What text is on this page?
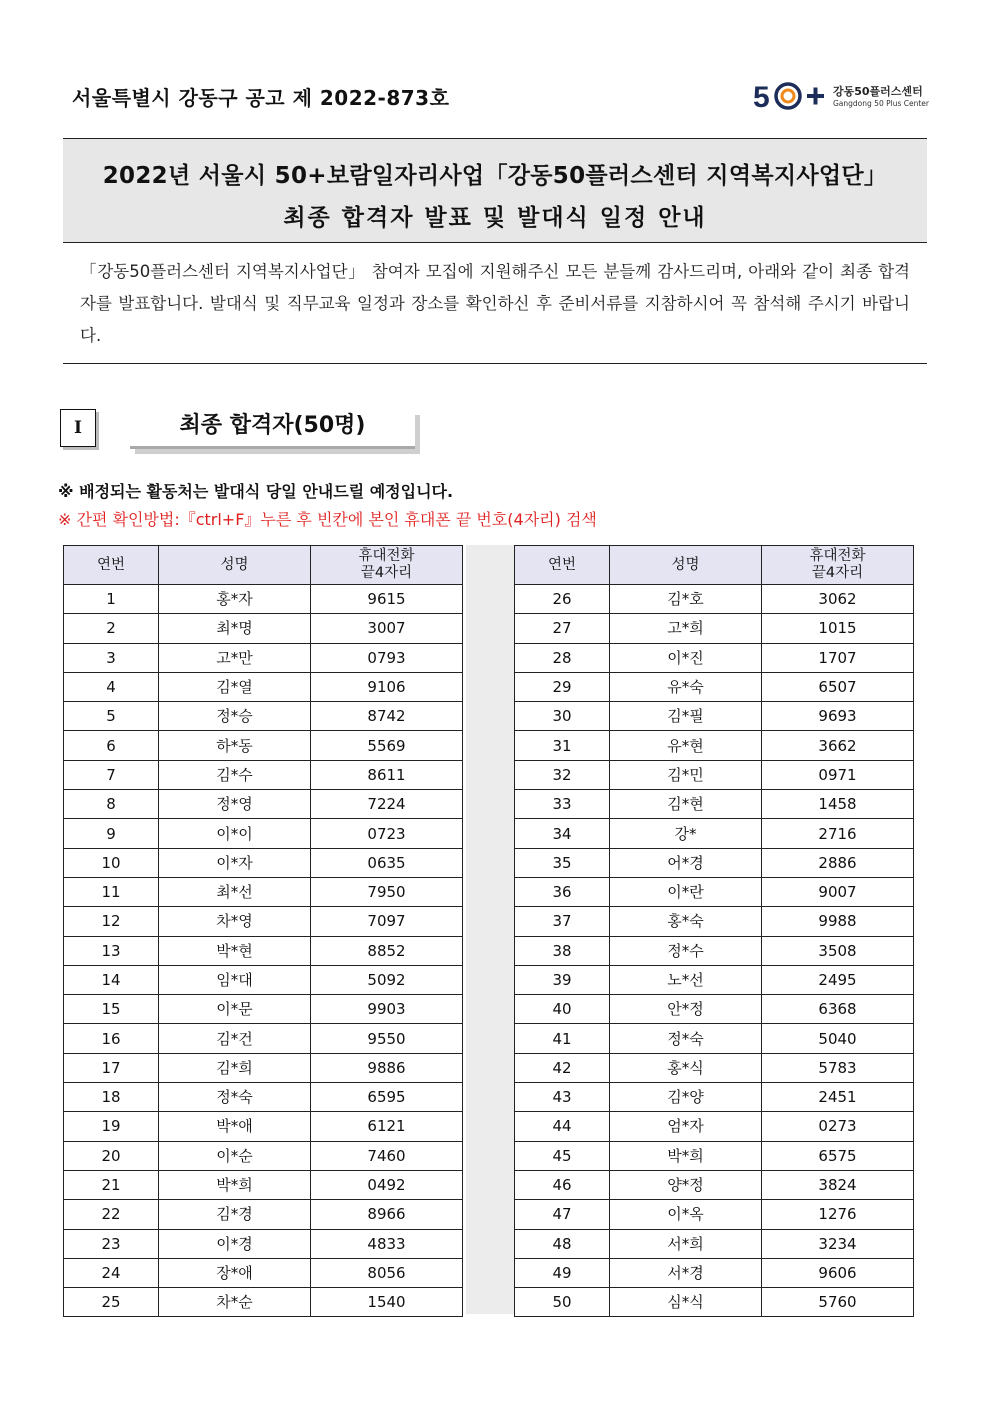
서울특별시 강동구 공고 제 2022-873호	5	강동50플러스센터
Gangdong 50 Plus Center
2022년 서울시 50+보람일자리사업「강동50플러스센터 지역복지사업단」
최종 합격자 발표 및 발대식 일정 안내
「강동50플러스센터 지역복지사업단」 참여자 모집에 지원해주신 모든 분들께 감사드리며, 아래와 같이 최종 합격자를 발표합니다. 발대식 및 직무교육 일정과 장소를 확인하신 후 준비서류를 지참하시어 꼭 참석해 주시기 바랍니다.
I	최종 합격자(50명)
※ 배정되는 활동처는 발대식 당일 안내드릴 예정입니다.
※ 간편 확인방법:『ctrl+F』누른 후 빈칸에 본인 휴대폰 끝 번호(4자리) 검색
연번	성명	휴대전화
끝4자리

1	홍*자	9615
2	최*명	3007
3	고*만	0793
4	김*열	9106
5	정*승	8742
6	하*동	5569
7	김*수	8611
8	정*영	7224
9	이*이	0723
10	이*자	0635
11	최*선	7950
12	차*영	7097
13	박*현	8852
14	임*대	5092
15	이*문	9903
16	김*건	9550
17	김*희	9886
18	정*숙	6595
19	박*애	6121
20	이*순	7460
21	박*희	0492
22	김*경	8966
23	이*경	4833
24	장*애	8056
25	차*순	1540
연번	성명	휴대전화
끝4자리

26	김*호	3062
27	고*희	1015
28	이*진	1707
29	유*숙	6507
30	김*필	9693
31	유*현	3662
32	김*민	0971
33	김*현	1458
34	강*	2716
35	어*경	2886
36	이*란	9007
37	홍*숙	9988
38	정*수	3508
39	노*선	2495
40	안*정	6368
41	정*숙	5040
42	홍*식	5783
43	김*양	2451
44	엄*자	0273
45	박*희	6575
46	양*정	3824
47	이*옥	1276
48	서*희	3234
49	서*경	9606
50	심*식	5760
